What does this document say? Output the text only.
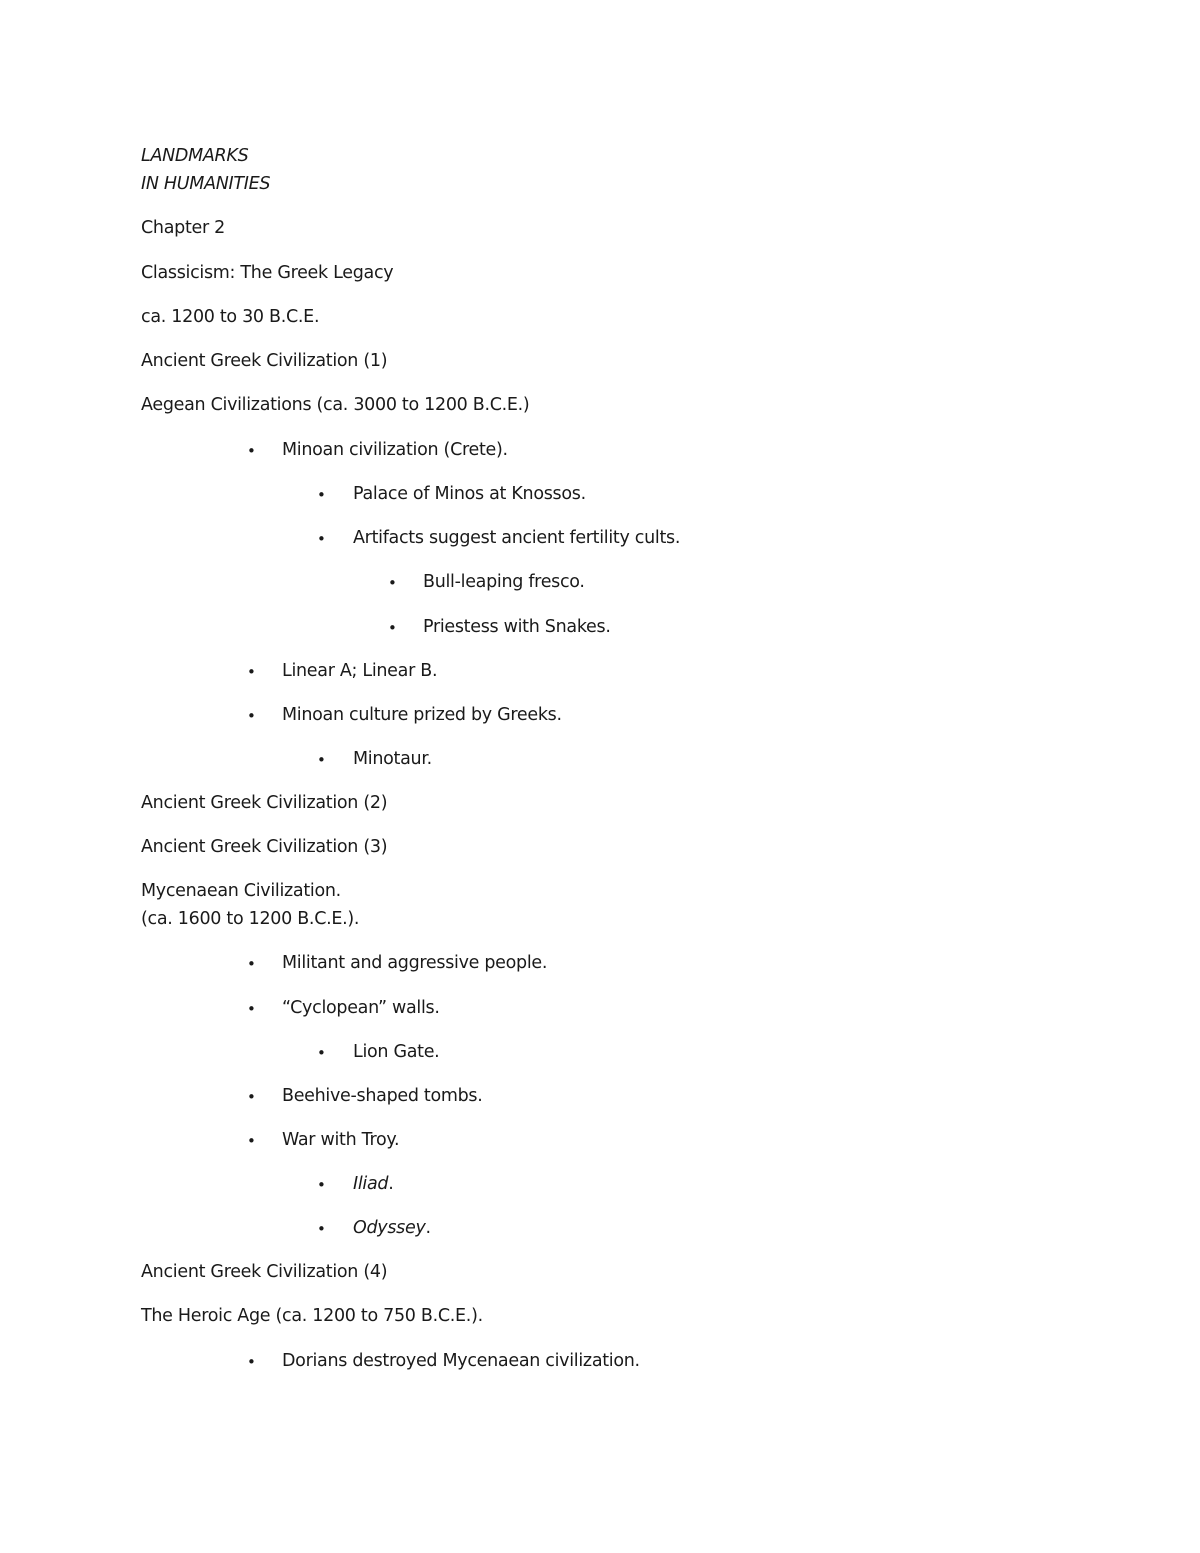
LANDMARKS
IN HUMANITIES
Chapter 2
Classicism: The Greek Legacy
ca. 1200 to 30 B.C.E.
Ancient Greek Civilization (1)
Aegean Civilizations (ca. 3000 to 1200 B.C.E.)
• Minoan civilization (Crete).
• Palace of Minos at Knossos.
• Artifacts suggest ancient fertility cults.
• Bull-leaping fresco.
• Priestess with Snakes.
• Linear A; Linear B.
• Minoan culture prized by Greeks.
• Minotaur.
Ancient Greek Civilization (2)
Ancient Greek Civilization (3)
Mycenaean Civilization.
(ca. 1600 to 1200 B.C.E.).
• Militant and aggressive people.
• “Cyclopean” walls.
• Lion Gate.
• Beehive-shaped tombs.
• War with Troy.
• Iliad.
• Odyssey.
Ancient Greek Civilization (4)
The Heroic Age (ca. 1200 to 750 B.C.E.).
• Dorians destroyed Mycenaean civilization.
